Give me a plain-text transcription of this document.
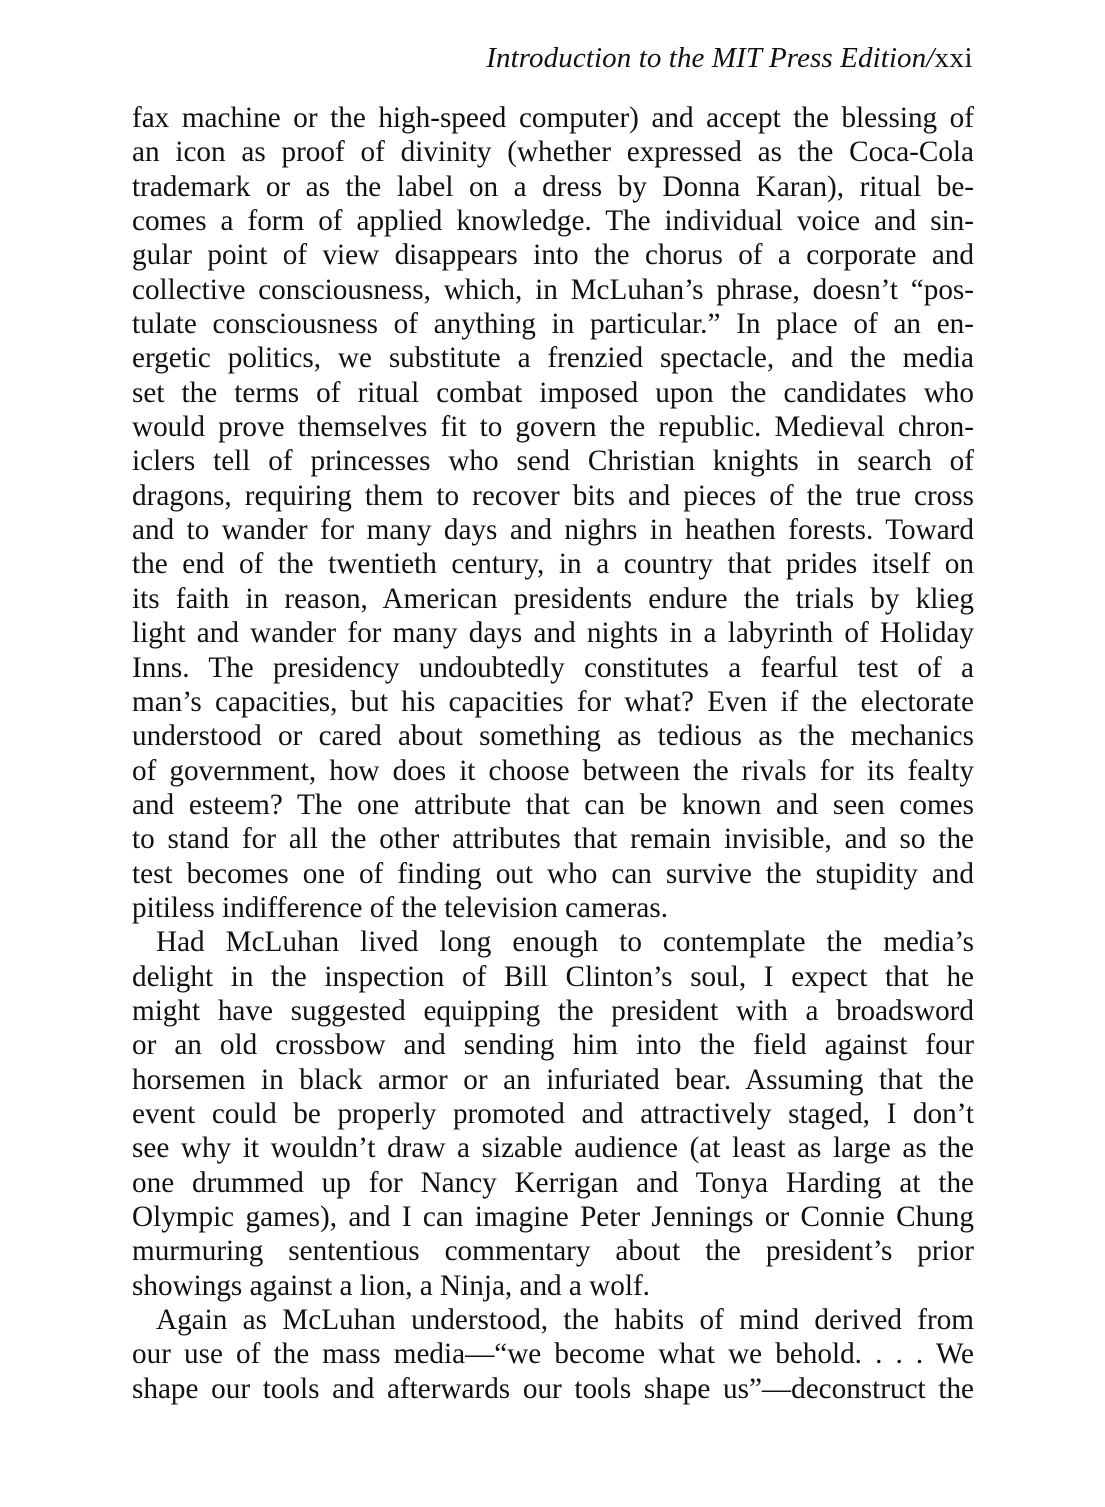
Introduction to the MIT Press Edition/xxi
fax machine or the high-speed computer) and accept the blessing of
an icon as proof of divinity (whether expressed as the Coca-Cola
trademark or as the label on a dress by Donna Karan), ritual be-
comes a form of applied knowledge. The individual voice and sin-
gular point of view disappears into the chorus of a corporate and
collective consciousness, which, in McLuhan’s phrase, doesn’t “pos-
tulate consciousness of anything in particular.” In place of an en-
ergetic politics, we substitute a frenzied spectacle, and the media
set the terms of ritual combat imposed upon the candidates who
would prove themselves fit to govern the republic. Medieval chron-
iclers tell of princesses who send Christian knights in search of
dragons, requiring them to recover bits and pieces of the true cross
and to wander for many days and nighrs in heathen forests. Toward
the end of the twentieth century, in a country that prides itself on
its faith in reason, American presidents endure the trials by klieg
light and wander for many days and nights in a labyrinth of Holiday
Inns. The presidency undoubtedly constitutes a fearful test of a
man’s capacities, but his capacities for what? Even if the electorate
understood or cared about something as tedious as the mechanics
of government, how does it choose between the rivals for its fealty
and esteem? The one attribute that can be known and seen comes
to stand for all the other attributes that remain invisible, and so the
test becomes one of finding out who can survive the stupidity and
pitiless indifference of the television cameras.
Had McLuhan lived long enough to contemplate the media’s
delight in the inspection of Bill Clinton’s soul, I expect that he
might have suggested equipping the president with a broadsword
or an old crossbow and sending him into the field against four
horsemen in black armor or an infuriated bear. Assuming that the
event could be properly promoted and attractively staged, I don’t
see why it wouldn’t draw a sizable audience (at least as large as the
one drummed up for Nancy Kerrigan and Tonya Harding at the
Olympic games), and I can imagine Peter Jennings or Connie Chung
murmuring sententious commentary about the president’s prior
showings against a lion, a Ninja, and a wolf.
Again as McLuhan understood, the habits of mind derived from
our use of the mass media—“we become what we behold. . . . We
shape our tools and afterwards our tools shape us”—deconstruct the
